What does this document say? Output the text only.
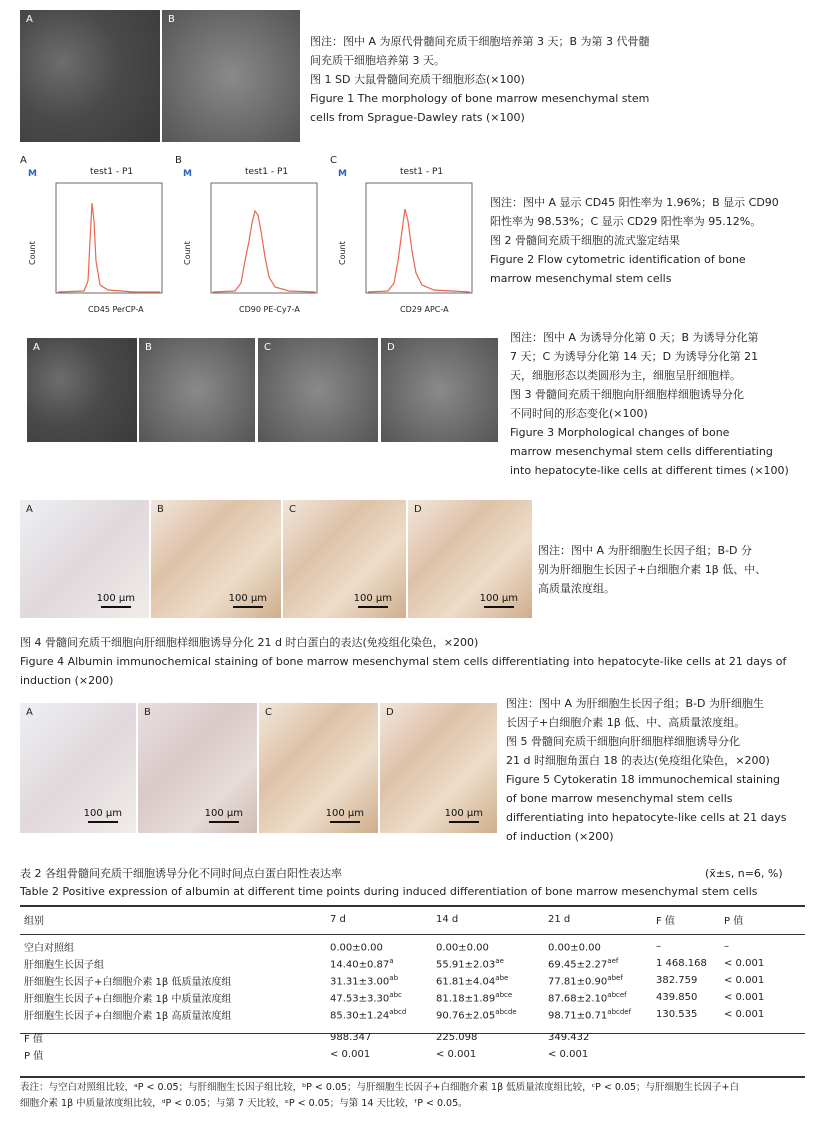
A	B
图注：图中 A 为原代骨髓间充质干细胞培养第 3 天；B 为第 3 代骨髓
间充质干细胞培养第 3 天。
图 1 SD 大鼠骨髓间充质干细胞形态(×100)
Figure 1 The morphology of bone marrow mesenchymal stem
cells from Sprague-Dawley rats (×100)
A
M	test1 - P1
Count
CD45 PerCP-A
B
M	test1 - P1
Count
CD90 PE-Cy7-A
C
M	test1 - P1
Count
CD29 APC-A
图注：图中 A 显示 CD45 阳性率为 1.96%；B 显示 CD90
阳性率为 98.53%；C 显示 CD29 阳性率为 95.12%。
图 2 骨髓间充质干细胞的流式鉴定结果
Figure 2 Flow cytometric identification of bone
marrow mesenchymal stem cells
A	B	C	D
图注：图中 A 为诱导分化第 0 天；B 为诱导分化第
7 天；C 为诱导分化第 14 天；D 为诱导分化第 21
天，细胞形态以类圆形为主，细胞呈肝细胞样。
图 3 骨髓间充质干细胞向肝细胞样细胞诱导分化
不同时间的形态变化(×100)
Figure 3 Morphological changes of bone
marrow mesenchymal stem cells differentiating
into hepatocyte-like cells at different times (×100)
A
100 μm
B
100 μm
C
100 μm
D
100 μm
图注：图中 A 为肝细胞生长因子组；B-D 分
别为肝细胞生长因子+白细胞介素 1β 低、中、
高质量浓度组。
图 4 骨髓间充质干细胞向肝细胞样细胞诱导分化 21 d 时白蛋白的表达(免疫组化染色，×200)
Figure 4 Albumin immunochemical staining of bone marrow mesenchymal stem cells differentiating into hepatocyte-like cells at 21 days of
induction (×200)
A
100 μm
B
100 μm
C
100 μm
D
100 μm
图注：图中 A 为肝细胞生长因子组；B-D 为肝细胞生
长因子+白细胞介素 1β 低、中、高质量浓度组。
图 5 骨髓间充质干细胞向肝细胞样细胞诱导分化
21 d 时细胞角蛋白 18 的表达(免疫组化染色，×200)
Figure 5 Cytokeratin 18 immunochemical staining
of bone marrow mesenchymal stem cells
differentiating into hepatocyte-like cells at 21 days
of induction (×200)
表 2 各组骨髓间充质干细胞诱导分化不同时间点白蛋白阳性表达率	(x̄±s, n=6, %)
Table 2 Positive expression of albumin at different time points during induced differentiation of bone marrow mesenchymal stem cells
组别	7 d	14 d	21 d	F 值	P 值

空白对照组	0.00±0.00	0.00±0.00	0.00±0.00	–	–
肝细胞生长因子组	14.40±0.87$^a$	55.91±2.03$^{ae}$	69.45±2.27$^{aef}$	1 468.168	< 0.001
肝细胞生长因子+白细胞介素 1β 低质量浓度组	31.31±3.00$^{ab}$	61.81±4.04$^{abe}$	$77.81\pm 0.90^{abef}$	382.759	< 0.001
肝细胞生长因子+白细胞介素 1β 中质量浓度组	47.53±3.30$^{abc}$	$81.18\pm 1.89^{abce}$	$87.68\pm 2.10^{abcef}$	439.850	< 0.001
肝细胞生长因子+白细胞介素 1β 高质量浓度组	$85.30\pm 1.24^{abcd}$	$90.76\pm 2.05^{abcde}$	$98.71\pm 0.71^{abcdef}$	130.535	< 0.001

F 值	988.347	225.098	349.432		
P 值	< 0.001	< 0.001	< 0.001		
表注：与空白对照组比较，ᵃP < 0.05；与肝细胞生长因子组比较，ᵇP < 0.05；与肝细胞生长因子+白细胞介素 1β 低质量浓度组比较，ᶜP < 0.05；与肝细胞生长因子+白
细胞介素 1β 中质量浓度组比较，ᵈP < 0.05；与第 7 天比较，ᵉP < 0.05；与第 14 天比较，ᶠP < 0.05。
